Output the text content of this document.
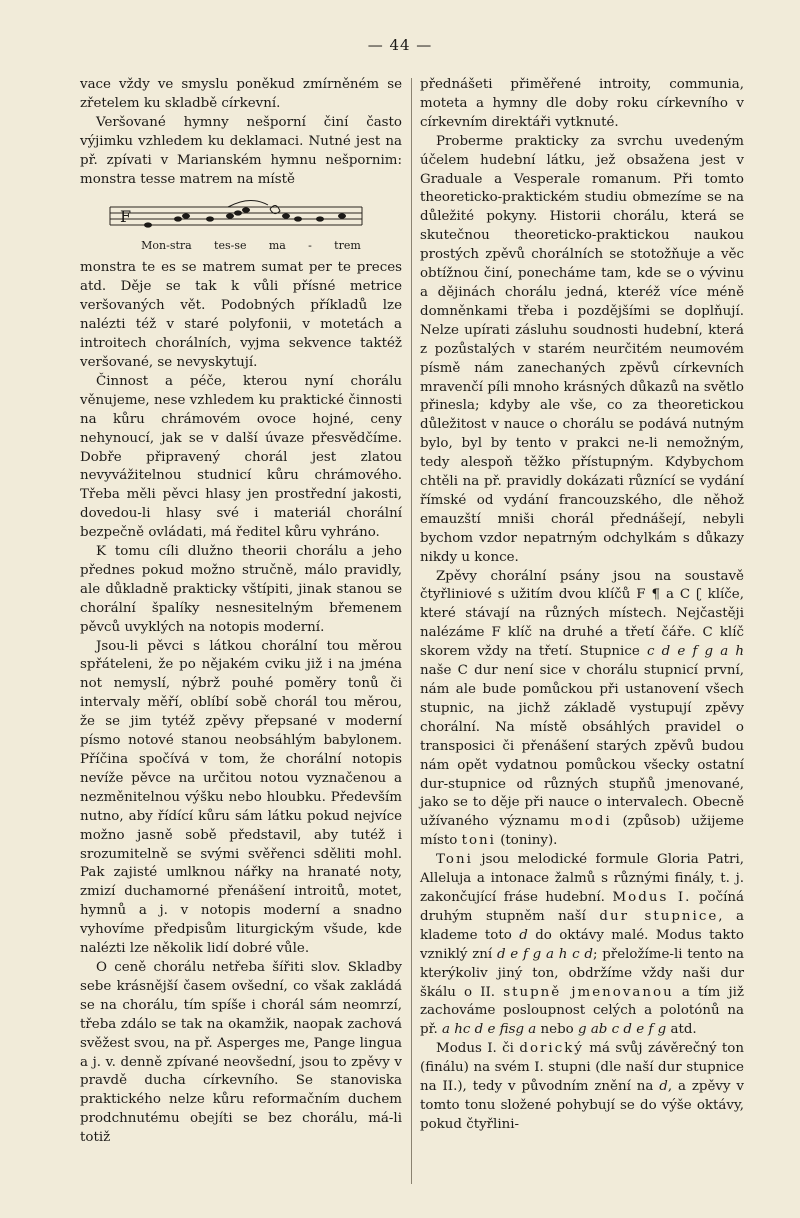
— 44 —

vace vždy ve smyslu poněkud zmírněném se zřetelem ku skladbě církevní.

Veršované hymny nešporní činí často výjimku vzhledem ku deklamaci. Nutné jest na př. zpívati v Marianském hymnu nešpornim: monstra tesse matrem na místě

F
Mon-stra tes-se ma - trem

monstra te es se matrem sumat per te preces atd. Děje se tak k vůli přísné metrice veršovaných vět. Podobných příkladů lze nalézti též v staré polyfonii, v motetách a introitech chorálních, vyjma sekvence taktéž veršované, se nevyskytují.

Činnost a péče, kterou nyní chorálu věnujeme, nese vzhledem ku praktické činnosti na kůru chrámovém ovoce hojné, ceny nehynoucí, jak se v další úvaze přesvědčíme. Dobře připravený chorál jest zlatou nevyvážitelnou studnicí kůru chrámového. Třeba měli pěvci hlasy jen prostřední jakosti, dovedou-li hlasy své i materiál chorální bezpečně ovládati, má ředitel kůru vyhráno.

K tomu cíli dlužno theorii chorálu a jeho přednes pokud možno stručně, málo pravidly, ale důkladně prakticky vštípiti, jinak stanou se chorální špalíky nesnesitelným břemenem pěvců uvyklých na notopis moderní.

Jsou-li pěvci s látkou chorální tou měrou spřáteleni, že po nějakém cviku již i na jména not nemyslí, nýbrž pouhé poměry tonů či intervaly měří, oblíbí sobě chorál tou měrou, že se jim tytéž zpěvy přepsané v moderní písmo notové stanou neobsáhlým babylonem. Příčina spočívá v tom, že chorální notopis nevíže pěvce na určitou notou vyznačenou a nezměnitelnou výšku nebo hloubku. Především nutno, aby řídící kůru sám látku pokud nejvíce možno jasně sobě představil, aby tutéž i srozumitelně se svými svěřenci sděliti mohl. Pak zajisté umlknou nářky na hranaté noty, zmizí duchamorné přenášení introitů, motet, hymnů a j. v notopis moderní a snadno vyhovíme předpisům liturgickým všude, kde nalézti lze několik lidí dobré vůle.

O ceně chorálu netřeba šířiti slov. Skladby sebe krásnější časem ovšední, co však zakládá se na chorálu, tím spíše i chorál sám neomrzí, třeba zdálo se tak na okamžik, naopak zachová svěžest svou, na př. Asperges me, Pange lingua a j. v. denně zpívané neovšední, jsou to zpěvy v pravdě ducha církevního. Se stanoviska praktického nelze kůru reformačním duchem prodchnutému obejíti se bez chorálu, má-li totiž

přednášeti přiměřené introity, communia, moteta a hymny dle doby roku církevního v církevním direktáři vytknuté.

Proberme prakticky za svrchu uvedeným účelem hudební látku, jež obsažena jest v Graduale a Vesperale romanum. Při tomto theoreticko-praktickém studiu obmezíme se na důležité pokyny. Historii chorálu, která se skutečnou theoreticko-praktickou naukou prostých zpěvů chorálních se stotožňuje a věc obtížnou činí, ponecháme tam, kde se o vývinu a dějinách chorálu jedná, kteréž více méně domněnkami třeba i pozdějšími se doplňují. Nelze upírati zásluhu soudnosti hudební, která z pozůstalých v starém neurčitém neumovém písmě nám zanechaných zpěvů církevních mravenčí píli mnoho krásných důkazů na světlo přinesla; kdyby ale vše, co za theoretickou důležitost v nauce o chorálu se podává nutným bylo, byl by tento v prakci ne-li nemožným, tedy alespoň těžko přístupným. Kdybychom chtěli na př. pravidly dokázati různící se vydání římské od vydání francouzského, dle něhož emauzští mniši chorál přednášejí, nebyli bychom vzdor nepatrným odchylkám s důkazy nikdy u konce.

Zpěvy chorální psány jsou na soustavě čtyřliniové s užitím dvou klíčů F ¶ a C ʗ klíče, které stávají na různých místech. Nejčastěji nalézáme F klíč na druhé a třetí čáře. C klíč skorem vždy na třetí. Stupnice c d e f g a h naše C dur není sice v chorálu stupnicí první, nám ale bude pomůckou při ustanovení všech stupnic, na jichž základě vystupují zpěvy chorální. Na místě obsáhlých pravidel o transposici či přenášení starých zpěvů budou nám opět vydatnou pomůckou všecky ostatní dur-stupnice od různých stupňů jmenované, jako se to děje při nauce o intervalech. Obecně užívaného významu modi (způsob) užijeme místo toni (toniny).

Toni jsou melodické formule Gloria Patri, Alleluja a intonace žalmů s různými finály, t. j. zakončující fráse hudební. Modus I. počíná druhým stupněm naší dur stupnice, a klademe toto d do oktávy malé. Modus takto vzniklý zní d e f g a h c d; přeložíme-li tento na kterýkoliv jiný ton, obdržíme vždy naši dur škálu o II. stupně jmenovanou a tím již zachováme posloupnost celých a polotónů na př. a hc d e fisg a nebo g ab c d e f g atd.

Modus I. či dorický má svůj závěrečný ton (finálu) na svém I. stupni (dle naší dur stupnice na II.), tedy v původním znění na d, a zpěvy v tomto tonu složené pohybují se do výše oktávy, pokud čtyřlini-
